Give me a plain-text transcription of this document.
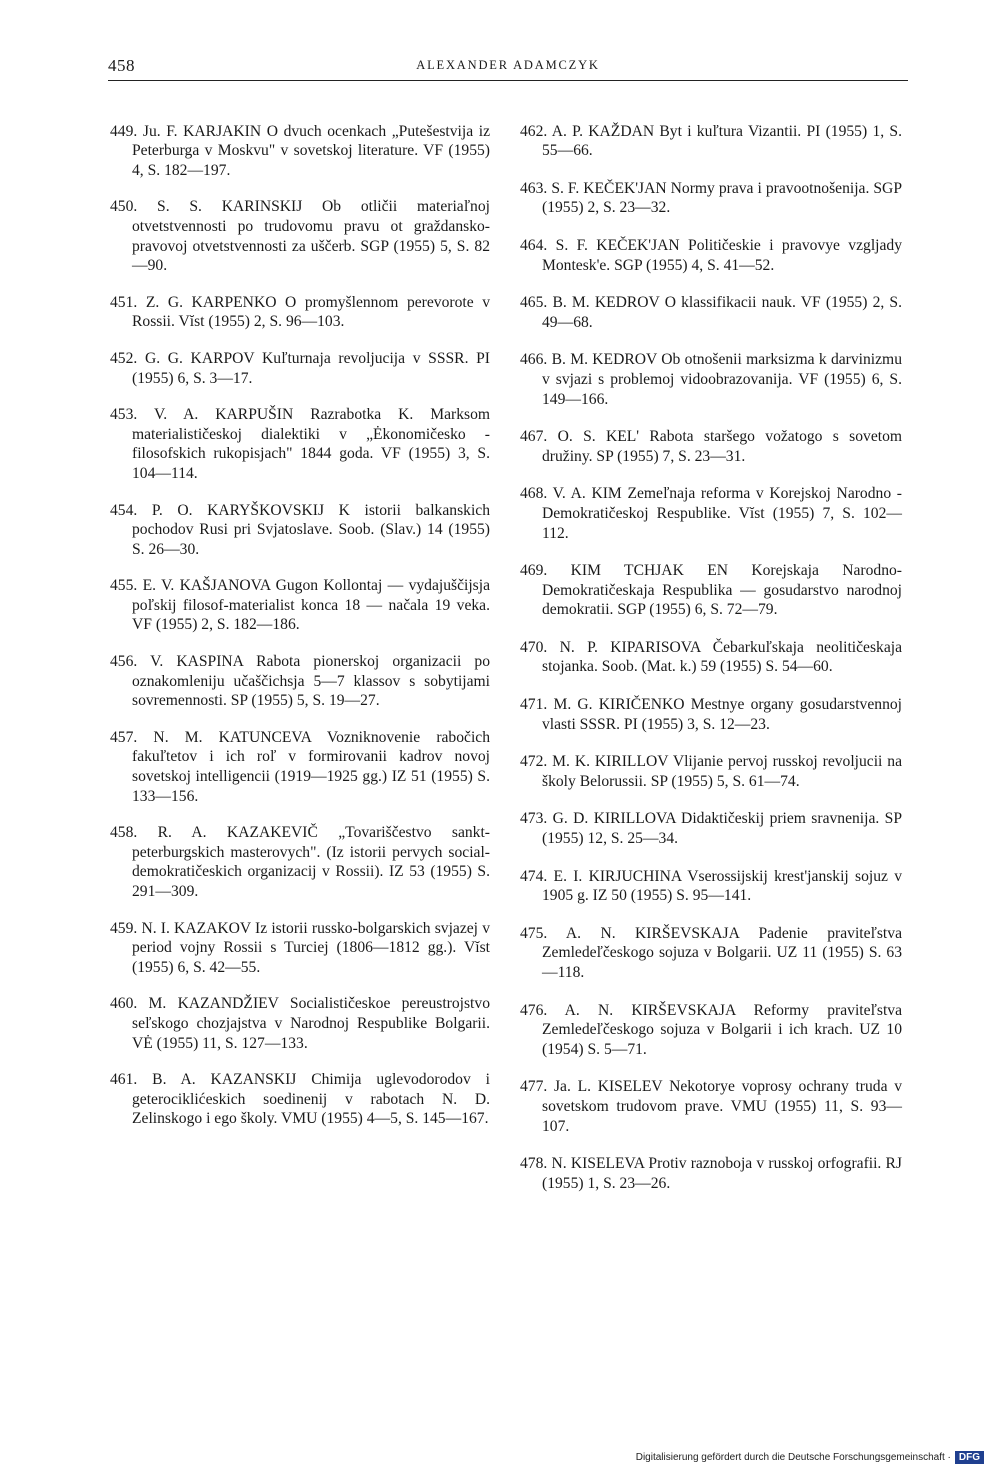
458	ALEXANDER ADAMCZYK

449. Ju. F. KARJAKIN O dvuch ocenkach „Putešestvija iz Peterburga v Moskvu" v sovetskoj literature. VF (1955) 4, S. 182—197.

450. S. S. KARINSKIJ Ob otličii materiaľnoj otvetstvennosti po trudovomu pravu ot graždansko-pravovoj otvetstvennosti za uščerb. SGP (1955) 5, S. 82—90.

451. Z. G. KARPENKO O promyšlennom perevorote v Rossii. Vĭst (1955) 2, S. 96—103.

452. G. G. KARPOV Kuľturnaja revoljucija v SSSR. PI (1955) 6, S. 3—17.

453. V. A. KARPUŠIN Razrabotka K. Marksom materialističeskoj dialektiki v „Ėkonomičesko - filosofskich rukopisjach" 1844 goda. VF (1955) 3, S. 104—114.

454. P. O. KARYŠKOVSKIJ K istorii balkanskich pochodov Rusi pri Svjatoslave. Soob. (Slav.) 14 (1955) S. 26—30.

455. E. V. KAŠJANOVA Gugon Kollontaj — vydajuščijsja poľskij filosof-materialist konca 18 — načala 19 veka. VF (1955) 2, S. 182—186.

456. V. KASPINA Rabota pionerskoj organizacii po oznakomleniju učaščichsja 5—7 klassov s sobytijami sovremennosti. SP (1955) 5, S. 19—27.

457. N. M. KATUNCEVA Vozniknovenie rabočich fakuľtetov i ich roľ v formirovanii kadrov novoj sovetskoj intelligencii (1919—1925 gg.) IZ 51 (1955) S. 133—156.

458. R. A. KAZAKEVIČ „Tovariščestvo sankt-peterburgskich masterovych". (Iz istorii pervych social-demokratičeskich organizacij v Rossii). IZ 53 (1955) S. 291—309.

459. N. I. KAZAKOV Iz istorii russko-bolgarskich svjazej v period vojny Rossii s Turciej (1806—1812 gg.). Vĭst (1955) 6, S. 42—55.

460. M. KAZANDŽIEV Socialističeskoe pereustrojstvo seľskogo chozjajstva v Narodnoj Respublike Bolgarii. VĖ (1955) 11, S. 127—133.

461. B. A. KAZANSKIJ Chimija uglevodorodov i geterociklićeskich soedinenij v rabotach N. D. Zelinskogo i ego školy. VMU (1955) 4—5, S. 145—167.

462. A. P. KAŽDAN Byt i kuľtura Vizantii. PI (1955) 1, S. 55—66.

463. S. F. KEČEK'JAN Normy prava i pravootnošenija. SGP (1955) 2, S. 23—32.

464. S. F. KEČEK'JAN Političeskie i pravovye vzgljady Montesk'e. SGP (1955) 4, S. 41—52.

465. B. M. KEDROV O klassifikacii nauk. VF (1955) 2, S. 49—68.

466. B. M. KEDROV Ob otnošenii marksizma k darvinizmu v svjazi s problemoj vidoobrazovanija. VF (1955) 6, S. 149—166.

467. O. S. KEL' Rabota staršego vožatogo s sovetom družiny. SP (1955) 7, S. 23—31.

468. V. A. KIM Zemeľnaja reforma v Korejskoj Narodno - Demokratičeskoj Respublike. Vĭst (1955) 7, S. 102—112.

469. KIM TCHJAK EN Korejskaja Narodno-Demokratičeskaja Respublika — gosudarstvo narodnoj demokratii. SGP (1955) 6, S. 72—79.

470. N. P. KIPARISOVA Čebarkuľskaja neolitičeskaja stojanka. Soob. (Mat. k.) 59 (1955) S. 54—60.

471. M. G. KIRIČENKO Mestnye organy gosudarstvennoj vlasti SSSR. PI (1955) 3, S. 12—23.

472. M. K. KIRILLOV Vlijanie pervoj russkoj revoljucii na školy Belorussii. SP (1955) 5, S. 61—74.

473. G. D. KIRILLOVA Didaktičeskij priem sravnenija. SP (1955) 12, S. 25—34.

474. E. I. KIRJUCHINA Vserossijskij krest'janskij sojuz v 1905 g. IZ 50 (1955) S. 95—141.

475. A. N. KIRŠEVSKAJA Padenie praviteľstva Zemledeľčeskogo sojuza v Bolgarii. UZ 11 (1955) S. 63—118.

476. A. N. KIRŠEVSKAJA Reformy praviteľstva Zemledeľčeskogo sojuza v Bolgarii i ich krach. UZ 10 (1954) S. 5—71.

477. Ja. L. KISELEV Nekotorye voprosy ochrany truda v sovetskom trudovom prave. VMU (1955) 11, S. 93—107.

478. N. KISELEVA Protiv raznoboja v russkoj orfografii. RJ (1955) 1, S. 23—26.

Digitalisierung gefördert durch die Deutsche Forschungsgemeinschaft · DFG
